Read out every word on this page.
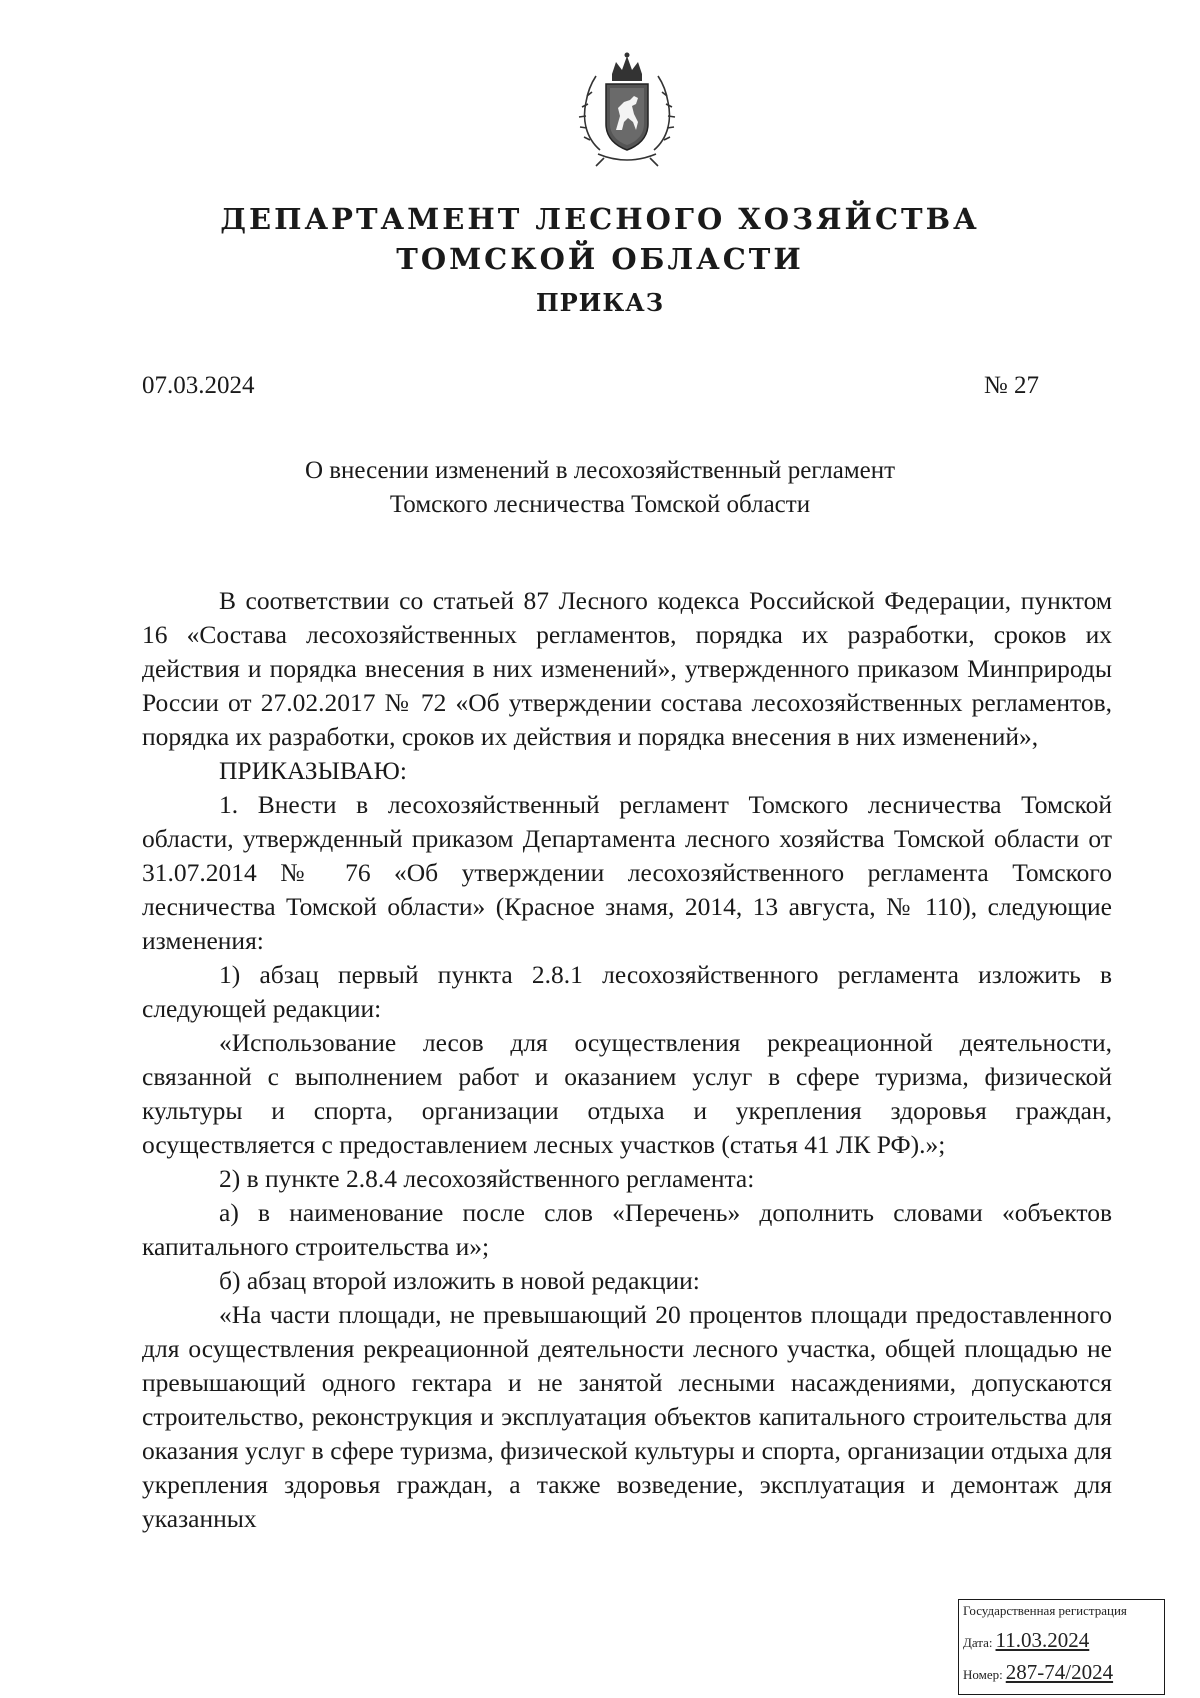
ДЕПАРТАМЕНТ ЛЕСНОГО ХОЗЯЙСТВА
ТОМСКОЙ ОБЛАСТИ
ПРИКАЗ
07.03.2024	№ 27
О внесении изменений в лесохозяйственный регламент
Томского лесничества Томской области

В соответствии со статьей 87 Лесного кодекса Российской Федерации, пунктом 16 «Состава лесохозяйственных регламентов, порядка их разработки, сроков их действия и порядка внесения в них изменений», утвержденного приказом Минприроды России от 27.02.2017 № 72 «Об утверждении состава лесохозяйственных регламентов, порядка их разработки, сроков их действия и порядка внесения в них изменений»,

ПРИКАЗЫВАЮ:

1. Внести в лесохозяйственный регламент Томского лесничества Томской области, утвержденный приказом Департамента лесного хозяйства Томской области от 31.07.2014 № 76 «Об утверждении лесохозяйственного регламента Томского лесничества Томской области» (Красное знамя, 2014, 13 августа, № 110), следующие изменения:

1) абзац первый пункта 2.8.1 лесохозяйственного регламента изложить в следующей редакции:

«Использование лесов для осуществления рекреационной деятельности, связанной с выполнением работ и оказанием услуг в сфере туризма, физической культуры и спорта, организации отдыха и укрепления здоровья граждан, осуществляется с предоставлением лесных участков (статья 41 ЛК РФ).»;

2) в пункте 2.8.4 лесохозяйственного регламента:

а) в наименование после слов «Перечень» дополнить словами «объектов капитального строительства и»;

б) абзац второй изложить в новой редакции:

«На части площади, не превышающий 20 процентов площади предоставленного для осуществления рекреационной деятельности лесного участка, общей площадью не превышающий одного гектара и не занятой лесными насаждениями, допускаются строительство, реконструкция и эксплуатация объектов капитального строительства для оказания услуг в сфере туризма, физической культуры и спорта, организации отдыха для укрепления здоровья граждан, а также возведение, эксплуатация и демонтаж для указанных

Государственная регистрация
Дата: 11.03.2024
Номер: 287-74/2024
